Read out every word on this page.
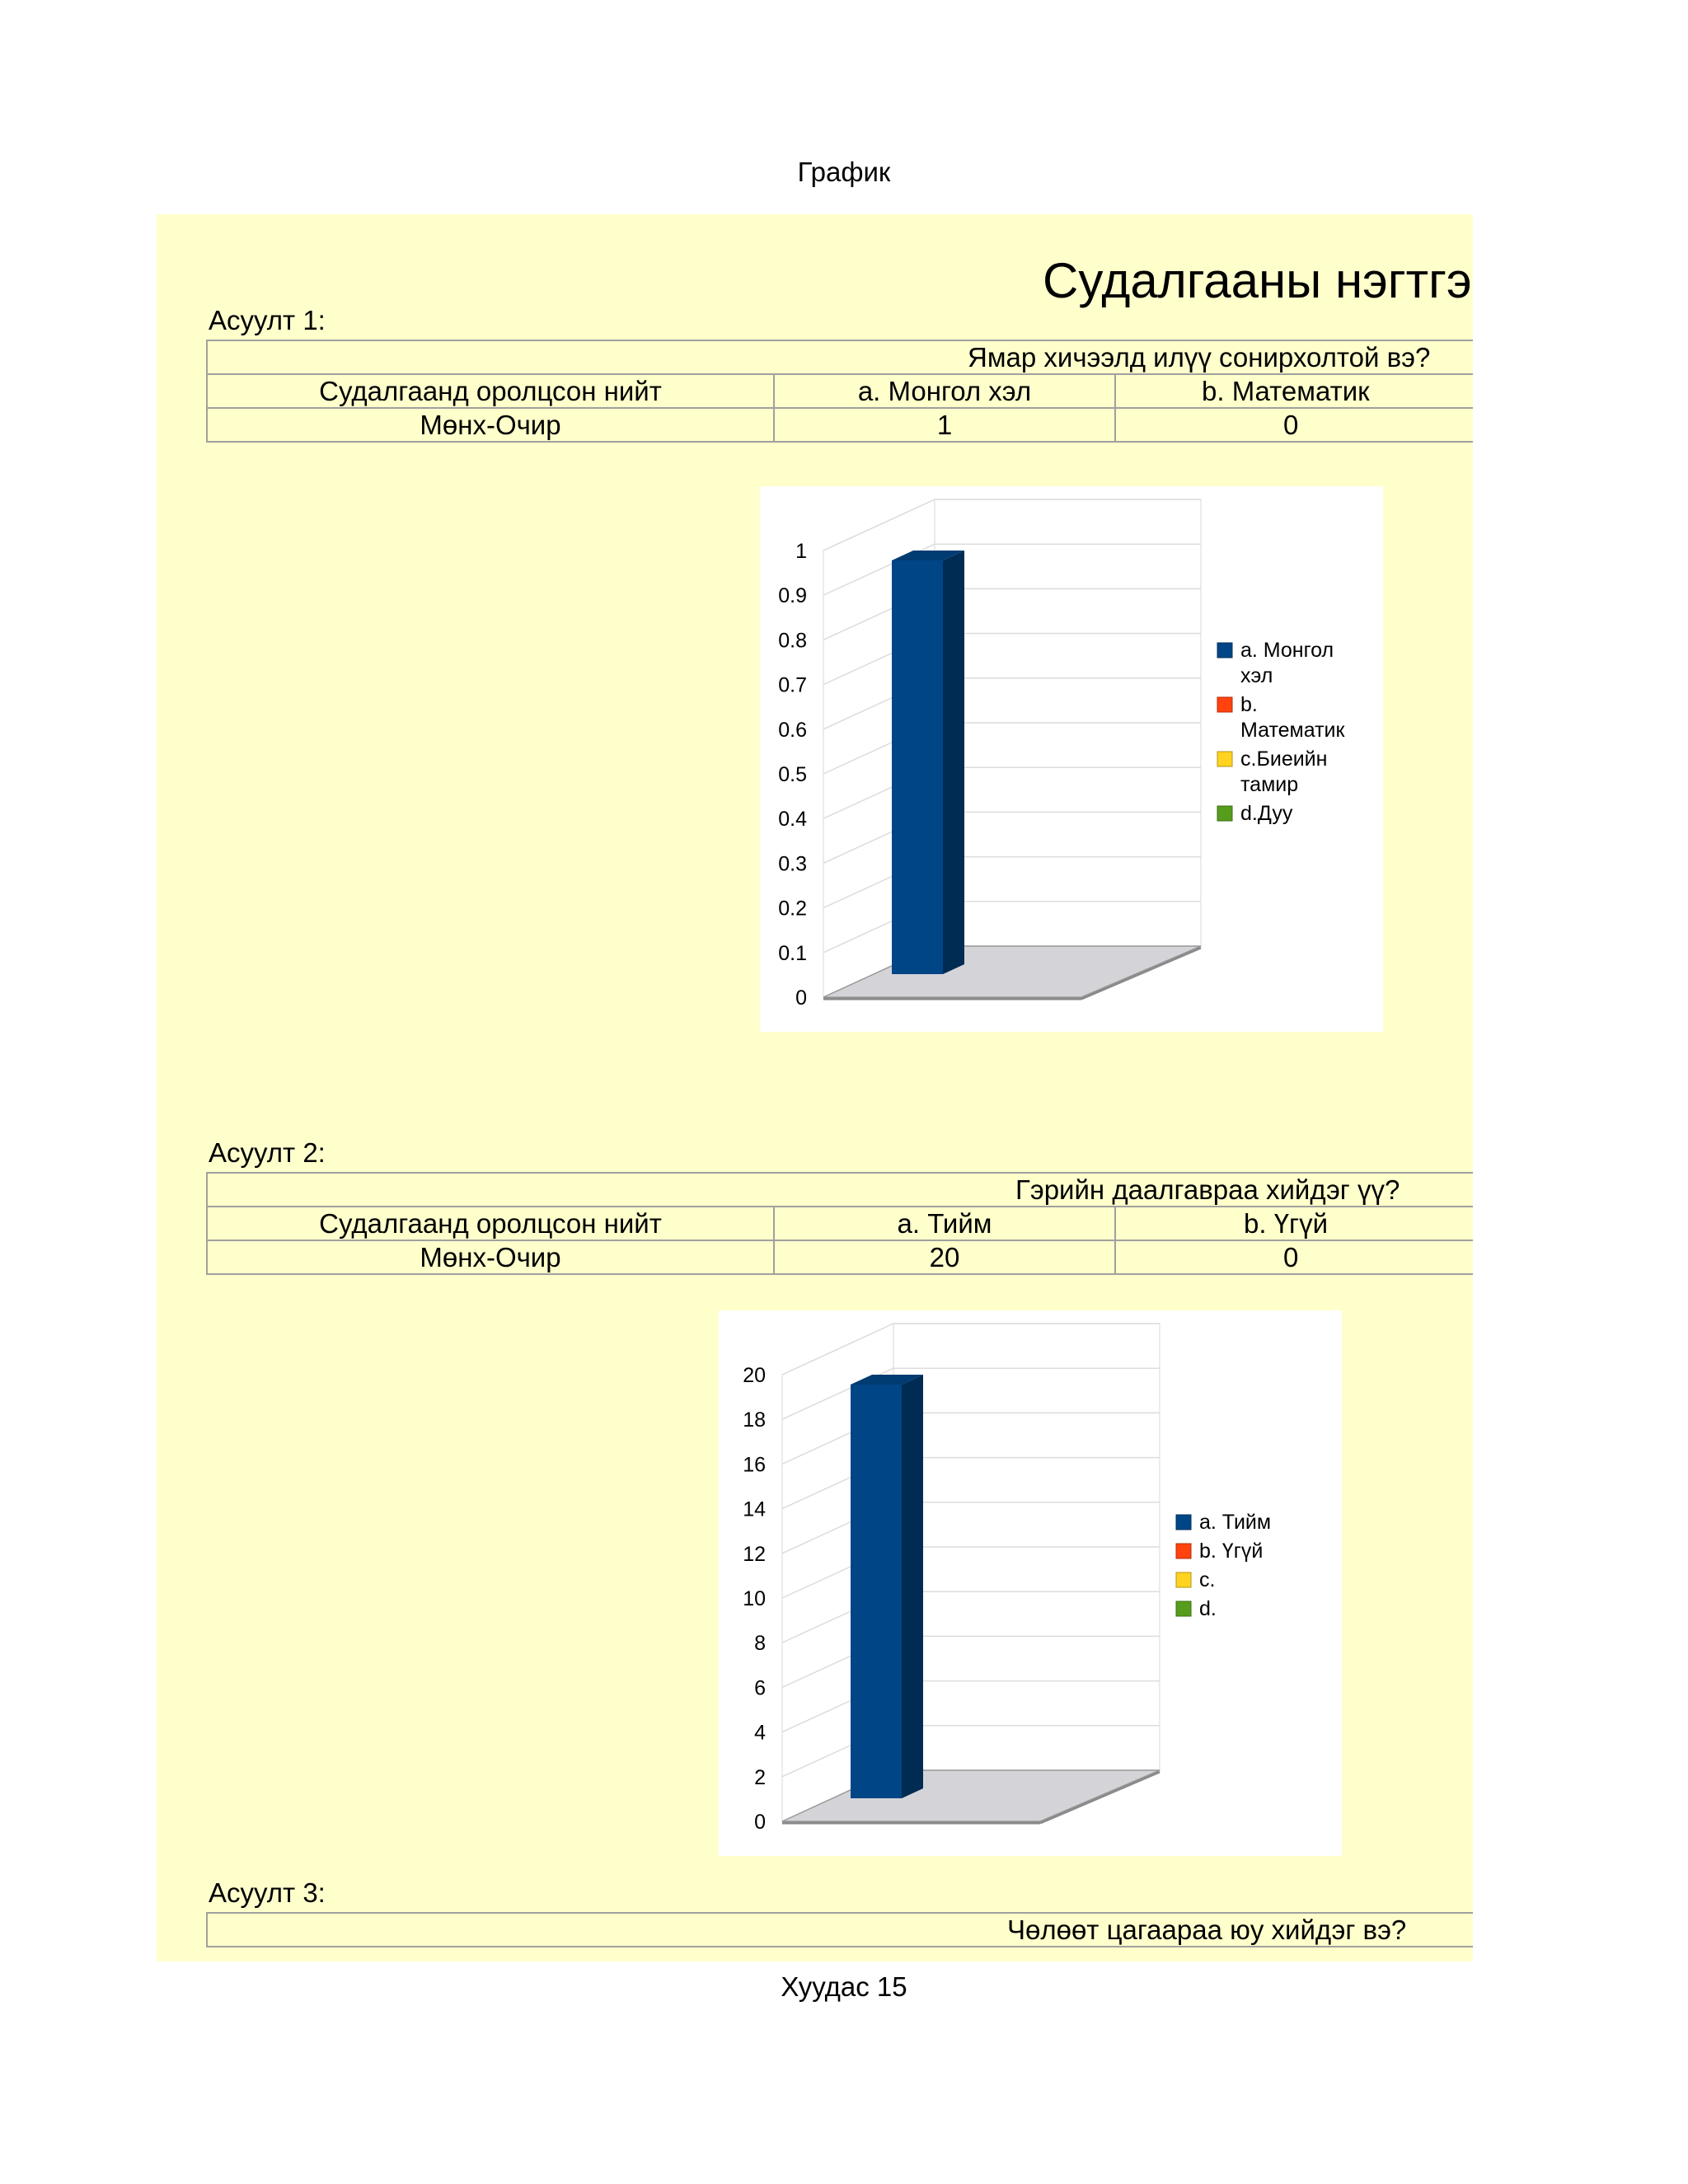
График
Судалгааны нэгтгэ
Асуулт 1:
Ямар хичээлд илүү сонирхолтой вэ?		
Судалгаанд оролцсон нийт	a. Монгол хэл	b. Математик
Мөнх-Очир	1	0
0
0.1
0.2
0.3
0.4
0.5
0.6
0.7
0.8
0.9
1
a. Монгол хэл
b. Математик
c.Биеийн тамир
d.Дуу
Асуулт 2:
Гэрийн даалгавраа хийдэг үү?		
Судалгаанд оролцсон нийт	a. Тийм	b. Үгүй
Мөнх-Очир	20	0
0
2
4
6
8
10
12
14
16
18
20
a. Тийм
b. Үгүй
c.
d.
Асуулт 3:
Чөлөөт цагаараа юу хийдэг вэ?
Хуудас 15
